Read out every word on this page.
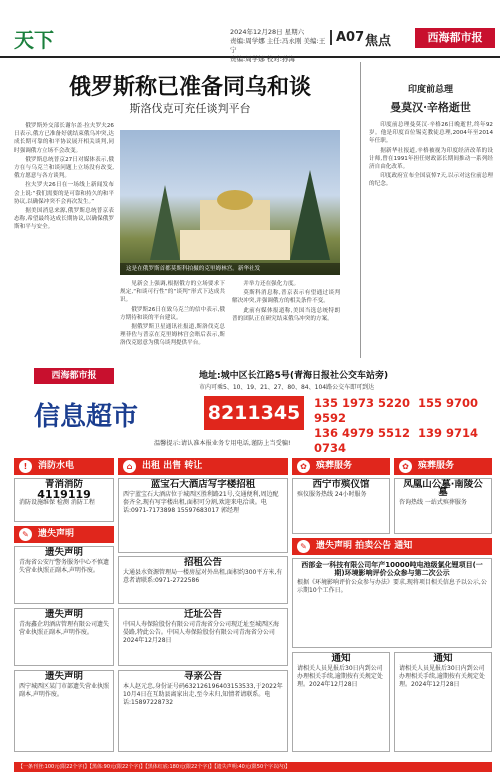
天下	2024年12月28日 星期六
责编:周学娜 主任:冯永刚 美编:王宁
责编:周学娜 校对:孙海
A07 焦点	西海都市报
俄罗斯称已准备同乌和谈
斯洛伐克可充任谈判平台

俄罗斯外交部长谢尔盖·拉夫罗夫26日表示,俄方已准备好就结束俄乌冲突,达成长期可靠的和平协议展开相关谈判,同时强调俄方立场不会改变。

俄罗斯总统普京27日对媒体表示,俄方在与乌克兰和谈问题上立场没有改变,俄方愿意与各方谈判。

拉夫罗夫26日在一场线上新闻发布会上说:“我们需要的是可靠和持久的和平协议,以确保冲突不会再次发生。”

据美国消息来源,俄罗斯总统普京表态称,希望最终达成长期协议,以确保俄罗斯和平与安全。

这是在俄罗斯首都莫斯科拍摄的克里姆林宫。新华社发

见新会上强调,根据俄方的立场要求下规定,“和谈可行性”的“谈判”形式下达成共识。

俄罗斯26日在致乌克兰的信中表示,俄方期待和谈的平台建议。

据俄罗斯卫星通讯社报道,斯洛伐克总理菲佐与普京在克里姆林宫会晤后表示,斯洛伐克愿意为俄乌谈判提供平台。

并举力还在强化力度。

莫斯科消息称,普京表示有望通过谈判解决冲突,并强调俄方的相关条件不变。

此前有媒体报道称,美国当选总统特朗普的团队正在研究结束俄乌冲突的方案。

印度前总理
曼莫汉·辛格逝世

印度前总理曼莫汉·辛格26日晚逝世,终年92岁。他是印度首位锡克教徒总理,2004年至2014年任职。

据新华社报道,辛格被视为印度经济改革的设计师,曾在1991年担任财政部长期间推动一系列经济自由化改革。

印度政府宣布全国哀悼7天,以示对这位前总理的纪念。

西海都市报	地址:城中区长江路5号(青海日报社公交车站旁)
市内可乘5、10、19、21、27、80、84、104路公交车即可到达
信息超市	8211345	135 1973 5220 155 9700 9592
136 4979 5512 139 9714 0734
温馨提示:请认准本报业务专用电话,谨防上当受骗!
!	消防水电	⌂	出租 出售 转让	✿	殡葬服务	✿	殡葬服务
青消消防
4119119
消防设施维保 检测 消防工程
蓝宝石大酒店写字楼招租
西宁蓝宝石大酒店位于城西区胜利路21号,交通便利,周边配套齐全,现有写字楼出租,面积可分割,欢迎来电洽谈。电话:0971-7173898 15597683017 郭经理
西宁市殡仪馆
殡仪服务热线 24小时服务
凤凰山公墓·南陵公墓
咨询热线 一站式殡葬服务
✎	遗失声明
✎	遗失声明 拍卖公告 通知
遗失声明
青海省公安厅警务服务中心不慎遗失营业执照正副本,声明作废。
招租公告
大通县水资源管理局一楼房屋对外出租,面积约300平方米,有意者请联系:0971-2722586
西部金一科技有限公司年产10000吨电池级氯化锂项目(一期)环境影响评价公众参与第二次公示
根据《环境影响评价公众参与办法》要求,现将项目相关信息予以公示,公示期10个工作日。
遗失声明
青海鑫企玥酒店管理有限公司遗失营业执照正副本,声明作废。
迁址公告
中国人寿保险股份有限公司青海省分公司现迁址至城西区海晏路,特此公告。中国人寿保险股份有限公司青海省分公司 2024年12月28日
通知
请相关人员见报后30日内到公司办理相关手续,逾期按有关规定处理。2024年12月28日
通知
请相关人员见报后30日内到公司办理相关手续,逾期按有关规定处理。2024年12月28日
遗失声明
西宁城西区某门市部遗失营业执照副本,声明作废。
寻亲公告
本人赵元忠,身份证号码632126196403153533,于2022年10月4日在互助县离家出走,至今未归,知情者请联系。电话:15897228732
【一条刊登:100元(限22个字)】【黑体:90元(限22个字)】【黑体红底:180元(限22个字)】【遗失声明:40元(限50个字以内)】
